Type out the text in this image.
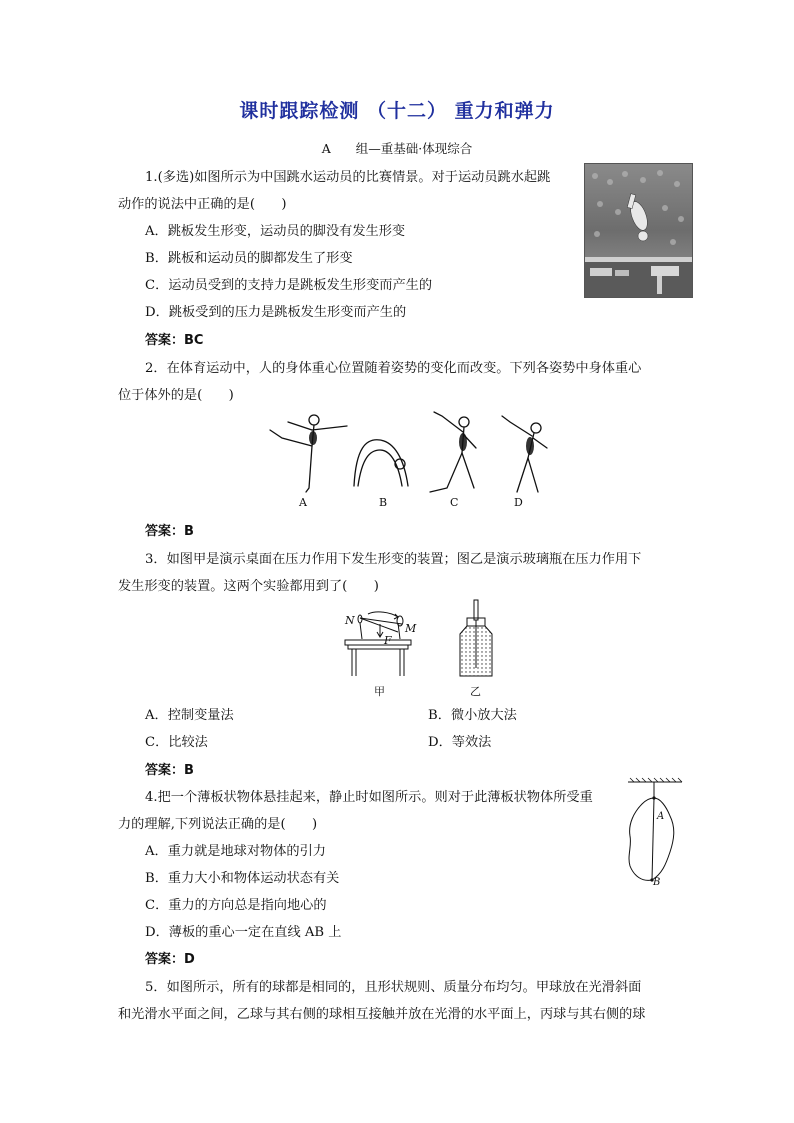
课时跟踪检测 （十二） 重力和弹力
A　　组—重基础·体现综合
1.(多选)如图所示为中国跳水运动员的比赛情景。对于运动员跳水起跳
动作的说法中正确的是(　　)
A．跳板发生形变，运动员的脚没有发生形变
B．跳板和运动员的脚都发生了形变
C．运动员受到的支持力是跳板发生形变而产生的
D．跳板受到的压力是跳板发生形变而产生的
答案：BC
2．在体育运动中，人的身体重心位置随着姿势的变化而改变。下列各姿势中身体重心
位于体外的是(　　)
A	B	C	D
答案：B
3．如图甲是演示桌面在压力作用下发生形变的装置；图乙是演示玻璃瓶在压力作用下
发生形变的装置。这两个实验都用到了(　　)
N
M
F
甲	乙
A．控制变量法	B．微小放大法
C．比较法	D．等效法
答案：B
4.把一个薄板状物体悬挂起来，静止时如图所示。则对于此薄板状物体所受重
力的理解,下列说法正确的是(　　)
A．重力就是地球对物体的引力
B．重力大小和物体运动状态有关
C．重力的方向总是指向地心的
D．薄板的重心一定在直线 AB 上
答案：D
A
B
5．如图所示，所有的球都是相同的，且形状规则、质量分布均匀。甲球放在光滑斜面
和光滑水平面之间，乙球与其右侧的球相互接触并放在光滑的水平面上，丙球与其右侧的球
